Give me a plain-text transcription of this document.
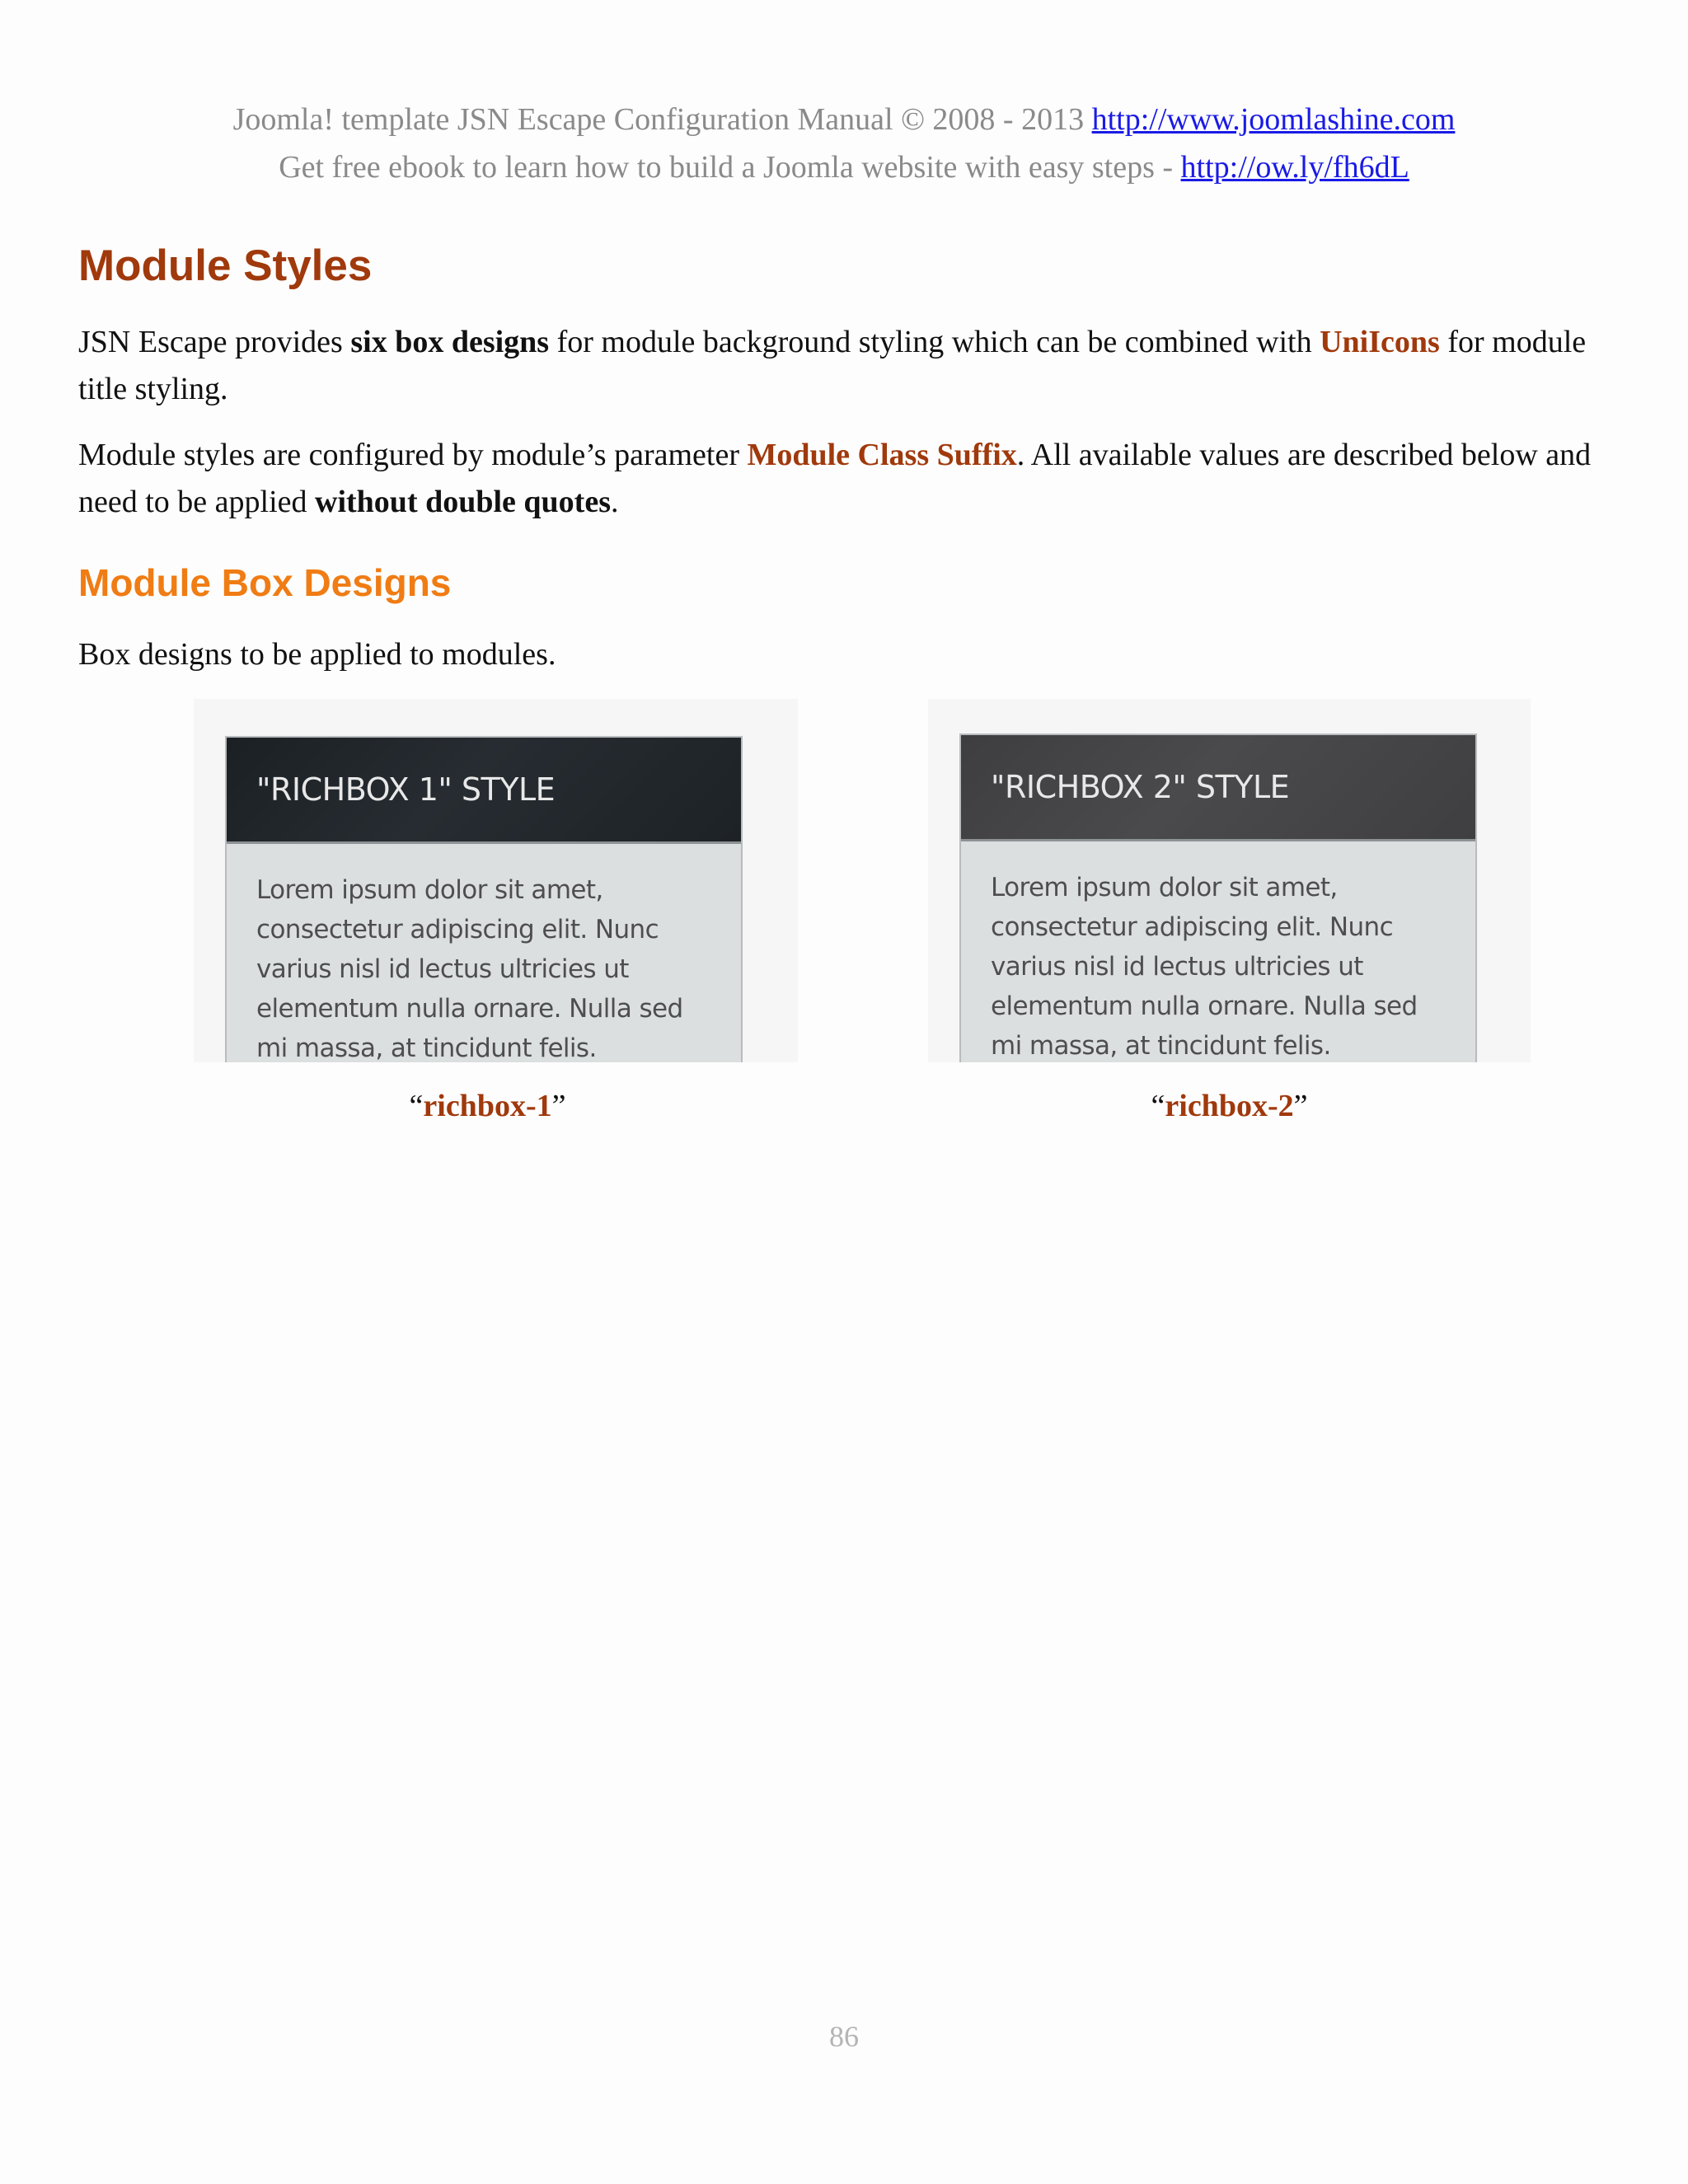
Joomla! template JSN Escape Configuration Manual © 2008 - 2013 http://www.joomlashine.com
Get free ebook to learn how to build a Joomla website with easy steps - http://ow.ly/fh6dL
Module Styles

JSN Escape provides six box designs for module background styling which can be combined with UniIcons for module title styling.

Module styles are configured by module’s parameter Module Class Suffix. All available values are described below and need to be applied without double quotes.

Module Box Designs

Box designs to be applied to modules.

"RICHBOX 1" STYLE
Lorem ipsum dolor sit amet, consectetur adipiscing elit. Nunc varius nisl id lectus ultricies ut elementum nulla ornare. Nulla sed mi massa, at tincidunt felis.
"RICHBOX 2" STYLE
Lorem ipsum dolor sit amet, consectetur adipiscing elit. Nunc varius nisl id lectus ultricies ut elementum nulla ornare. Nulla sed mi massa, at tincidunt felis.
“richbox-1”	“richbox-2”
86
